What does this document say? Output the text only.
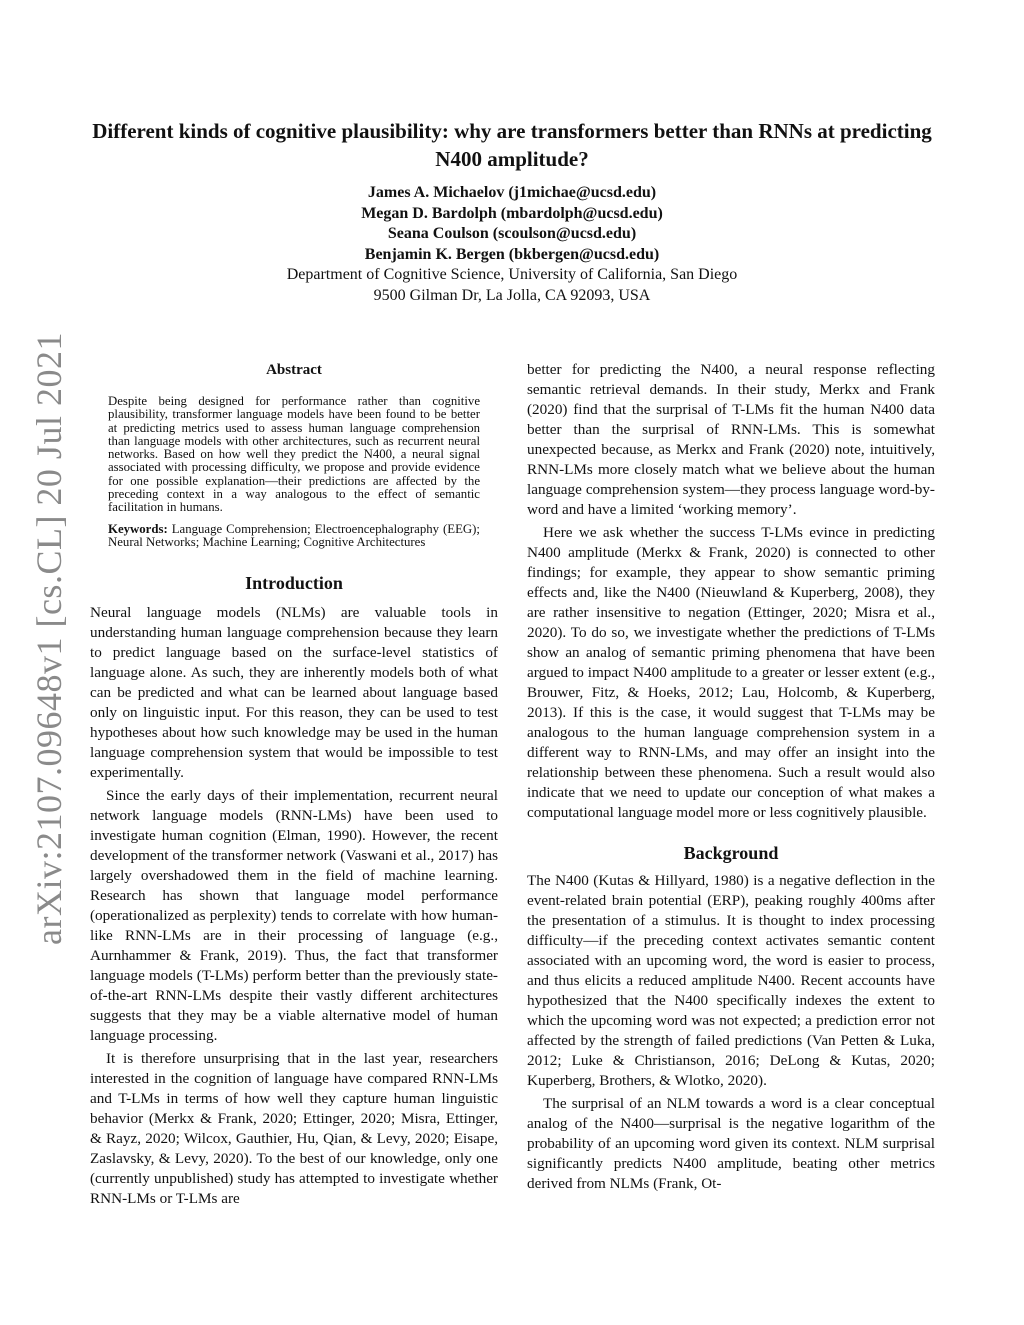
Different kinds of cognitive plausibility: why are transformers better than RNNs at predicting N400 amplitude?
James A. Michaelov (j1michae@ucsd.edu)
Megan D. Bardolph (mbardolph@ucsd.edu)
Seana Coulson (scoulson@ucsd.edu)
Benjamin K. Bergen (bkbergen@ucsd.edu)
Department of Cognitive Science, University of California, San Diego
9500 Gilman Dr, La Jolla, CA 92093, USA
arXiv:2107.09648v1 [cs.CL] 20 Jul 2021	Abstract

Despite being designed for performance rather than cognitive plausibility, transformer language models have been found to be better at predicting metrics used to assess human language comprehension than language models with other architectures, such as recurrent neural networks. Based on how well they predict the N400, a neural signal associated with processing difficulty, we propose and provide evidence for one possible explanation—their predictions are affected by the preceding context in a way analogous to the effect of semantic facilitation in humans.

Keywords: Language Comprehension; Electroencephalography (EEG); Neural Networks; Machine Learning; Cognitive Architectures

Introduction

Neural language models (NLMs) are valuable tools in understanding human language comprehension because they learn to predict language based on the surface-level statistics of language alone. As such, they are inherently models both of what can be predicted and what can be learned about language based only on linguistic input. For this reason, they can be used to test hypotheses about how such knowledge may be used in the human language comprehension system that would be impossible to test experimentally.

Since the early days of their implementation, recurrent neural network language models (RNN-LMs) have been used to investigate human cognition (Elman, 1990). However, the recent development of the transformer network (Vaswani et al., 2017) has largely overshadowed them in the field of machine learning. Research has shown that language model performance (operationalized as perplexity) tends to correlate with how human-like RNN-LMs are in their processing of language (e.g., Aurnhammer & Frank, 2019). Thus, the fact that transformer language models (T-LMs) perform better than the previously state-of-the-art RNN-LMs despite their vastly different architectures suggests that they may be a viable alternative model of human language processing.

It is therefore unsurprising that in the last year, researchers interested in the cognition of language have compared RNN-LMs and T-LMs in terms of how well they capture human linguistic behavior (Merkx & Frank, 2020; Ettinger, 2020; Misra, Ettinger, & Rayz, 2020; Wilcox, Gauthier, Hu, Qian, & Levy, 2020; Eisape, Zaslavsky, & Levy, 2020). To the best of our knowledge, only one (currently unpublished) study has attempted to investigate whether RNN-LMs or T-LMs are

better for predicting the N400, a neural response reflecting semantic retrieval demands. In their study, Merkx and Frank (2020) find that the surprisal of T-LMs fit the human N400 data better than the surprisal of RNN-LMs. This is somewhat unexpected because, as Merkx and Frank (2020) note, intuitively, RNN-LMs more closely match what we believe about the human language comprehension system—they process language word-by-word and have a limited ‘working memory’.

Here we ask whether the success T-LMs evince in predicting N400 amplitude (Merkx & Frank, 2020) is connected to other findings; for example, they appear to show semantic priming effects and, like the N400 (Nieuwland & Kuperberg, 2008), they are rather insensitive to negation (Ettinger, 2020; Misra et al., 2020). To do so, we investigate whether the predictions of T-LMs show an analog of semantic priming phenomena that have been argued to impact N400 amplitude to a greater or lesser extent (e.g., Brouwer, Fitz, & Hoeks, 2012; Lau, Holcomb, & Kuperberg, 2013). If this is the case, it would suggest that T-LMs may be analogous to the human language comprehension system in a different way to RNN-LMs, and may offer an insight into the relationship between these phenomena. Such a result would also indicate that we need to update our conception of what makes a computational language model more or less cognitively plausible.

Background

The N400 (Kutas & Hillyard, 1980) is a negative deflection in the event-related brain potential (ERP), peaking roughly 400ms after the presentation of a stimulus. It is thought to index processing difficulty—if the preceding context activates semantic content associated with an upcoming word, the word is easier to process, and thus elicits a reduced amplitude N400. Recent accounts have hypothesized that the N400 specifically indexes the extent to which the upcoming word was not expected; a prediction error not affected by the strength of failed predictions (Van Petten & Luka, 2012; Luke & Christianson, 2016; DeLong & Kutas, 2020; Kuperberg, Brothers, & Wlotko, 2020).

The surprisal of an NLM towards a word is a clear conceptual analog of the N400—surprisal is the negative logarithm of the probability of an upcoming word given its context. NLM surprisal significantly predicts N400 amplitude, beating other metrics derived from NLMs (Frank, Ot-
